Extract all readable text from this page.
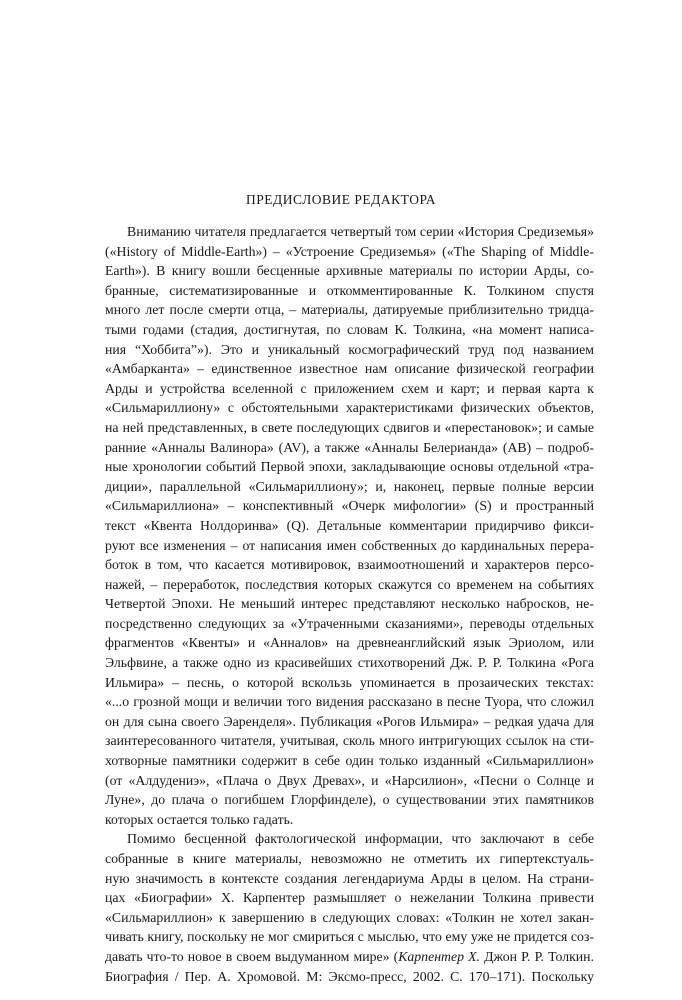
ПРЕДИСЛОВИЕ РЕДАКТОРА
Вниманию читателя предлагается четвертый том серии «История Средиземья»
(«History of Middle-Earth») – «Устроение Средиземья» («The Shaping of Middle-
Earth»). В книгу вошли бесценные архивные материалы по истории Арды, со-
бранные, систематизированные и откомментированные К. Толкином спустя
много лет после смерти отца, – материалы, датируемые приблизительно тридца-
тыми годами (стадия, достигнутая, по словам К. Толкина, «на момент написа-
ния “Хоббита”»). Это и уникальный космографический труд под названием
«Амбарканта» – единственное известное нам описание физической географии
Арды и устройства вселенной с приложением схем и карт; и первая карта к
«Сильмариллиону» с обстоятельными характеристиками физических объектов,
на ней представленных, в свете последующих сдвигов и «перестановок»; и самые
ранние «Анналы Валинора» (AV), а также «Анналы Белерианда» (AB) – подроб-
ные хронологии событий Первой эпохи, закладывающие основы отдельной «тра-
диции», параллельной «Сильмариллиону»; и, наконец, первые полные версии
«Сильмариллиона» – конспективный «Очерк мифологии» (S) и пространный
текст «Квента Нолдоринва» (Q). Детальные комментарии придирчиво фикси-
руют все изменения – от написания имен собственных до кардинальных перера-
боток в том, что касается мотивировок, взаимоотношений и характеров персо-
нажей, – переработок, последствия которых скажутся со временем на событиях
Четвертой Эпохи. Не меньший интерес представляют несколько набросков, не-
посредственно следующих за «Утраченными сказаниями», переводы отдельных
фрагментов «Квенты» и «Анналов» на древнеанглийский язык Эриолом, или
Эльфвине, а также одно из красивейших стихотворений Дж. Р. Р. Толкина «Рога
Ильмира» – песнь, о которой вскользь упоминается в прозаических текстах:
«...о грозной мощи и величии того видения рассказано в песне Туора, что сложил
он для сына своего Эаренделя». Публикация «Рогов Ильмира» – редкая удача для
заинтересованного читателя, учитывая, сколь много интригующих ссылок на сти-
хотворные памятники содержит в себе один только изданный «Сильмариллион»
(от «Алдудениэ», «Плача о Двух Древах», и «Нарсилион», «Песни о Солнце и
Луне», до плача о погибшем Глорфинделе), о существовании этих памятников
которых остается только гадать.
Помимо бесценной фактологической информации, что заключают в себе
собранные в книге материалы, невозможно не отметить их гипертекстуаль-
ную значимость в контексте создания легендариума Арды в целом. На страни-
цах «Биографии» Х. Карпентер размышляет о нежелании Толкина привести
«Сильмариллион» к завершению в следующих словах: «Толкин не хотел закан-
чивать книгу, поскольку не мог смириться с мыслью, что ему уже не придется соз-
давать что-то новое в своем выдуманном мире» (Карпентер Х. Джон Р. Р. Толкин.
Биография / Пер. А. Хромовой. М: Эксмо-пресс, 2002. С. 170–171). Поскольку
